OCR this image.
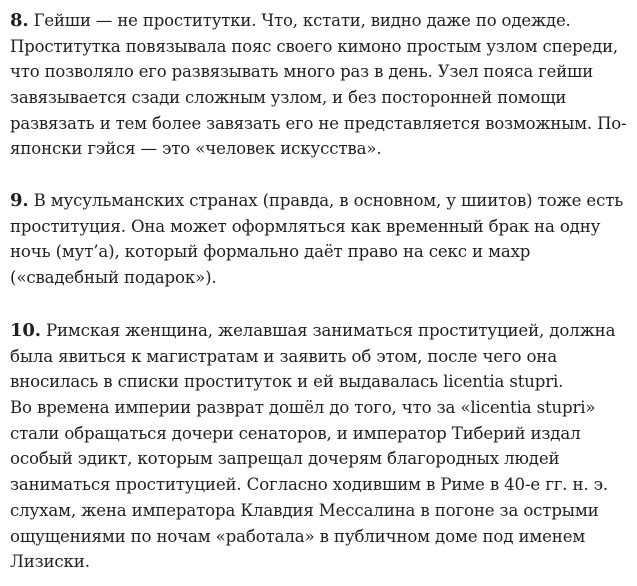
8. Гейши — не проститутки. Что, кстати, видно даже по одежде.
Проститутка повязывала пояс своего кимоно простым узлом спереди,
что позволяло его развязывать много раз в день. Узел пояса гейши
завязывается сзади сложным узлом, и без посторонней помощи
развязать и тем более завязать его не представляется возможным. По-
японски гэйся — это «человек искусства».
9. В мусульманских странах (правда, в основном, у шиитов) тоже есть
проституция. Она может оформляться как временный брак на одну
ночь (мут’а), который формально даёт право на секс и махр
(«свадебный подарок»).
10. Римская женщина, желавшая заниматься проституцией, должна
была явиться к магистратам и заявить об этом, после чего она
вносилась в списки проституток и ей выдавалась licentia stupri.
Во времена империи разврат дошёл до того, что за «licentia stupri»
стали обращаться дочери сенаторов, и император Тиберий издал
особый эдикт, которым запрещал дочерям благородных людей
заниматься проституцией. Согласно ходившим в Риме в 40-е гг. н. э.
слухам, жена императора Клавдия Мессалина в погоне за острыми
ощущениями по ночам «работала» в публичном доме под именем
Лизиски.
